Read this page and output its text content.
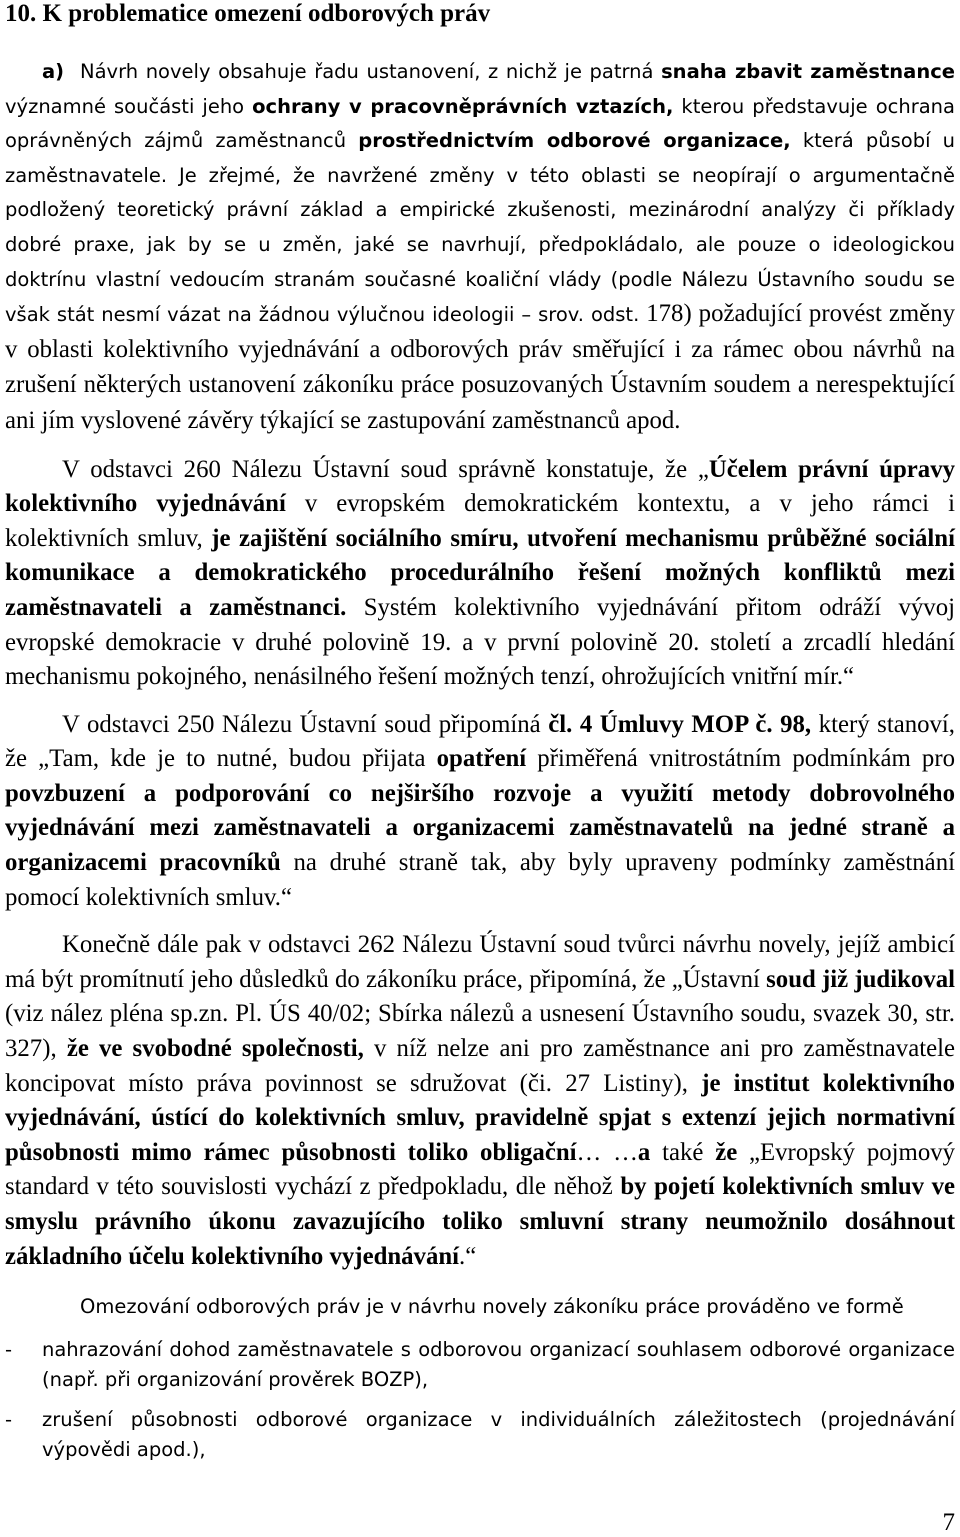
10. K problematice omezení odborových práv

a) Návrh novely obsahuje řadu ustanovení, z nichž je patrná snaha zbavit zaměstnance významné součásti jeho ochrany v pracovněprávních vztazích, kterou představuje ochrana oprávněných zájmů zaměstnanců prostřednictvím odborové organizace, která působí u zaměstnavatele. Je zřejmé, že navržené změny v této oblasti se neopírají o argumentačně podložený teoretický právní základ a empirické zkušenosti, mezinárodní analýzy či příklady dobré praxe, jak by se u změn, jaké se navrhují, předpokládalo, ale pouze o ideologickou doktrínu vlastní vedoucím stranám současné koaliční vlády (podle Nálezu Ústavního soudu se však stát nesmí vázat na žádnou výlučnou ideologii – srov. odst. 178) požadující provést změny v oblasti kolektivního vyjednávání a odborových práv směřující i za rámec obou návrhů na zrušení některých ustanovení zákoníku práce posuzovaných Ústavním soudem a nerespektující ani jím vyslovené závěry týkající se zastupování zaměstnanců apod.

V odstavci 260 Nálezu Ústavní soud správně konstatuje, že „Účelem právní úpravy kolektivního vyjednávání v evropském demokratickém kontextu, a v jeho rámci i kolektivních smluv, je zajištění sociálního smíru, utvoření mechanismu průběžné sociální komunikace a demokratického procedurálního řešení možných konfliktů mezi zaměstnavateli a zaměstnanci. Systém kolektivního vyjednávání přitom odráží vývoj evropské demokracie v druhé polovině 19. a v první polovině 20. století a zrcadlí hledání mechanismu pokojného, nenásilného řešení možných tenzí, ohrožujících vnitřní mír.“

V odstavci 250 Nálezu Ústavní soud připomíná čl. 4 Úmluvy MOP č. 98, který stanoví, že „Tam, kde je to nutné, budou přijata opatření přiměřená vnitrostátním podmínkám pro povzbuzení a podporování co nejširšího rozvoje a využití metody dobrovolného vyjednávání mezi zaměstnavateli a organizacemi zaměstnavatelů na jedné straně a organizacemi pracovníků na druhé straně tak, aby byly upraveny podmínky zaměstnání pomocí kolektivních smluv.“

Konečně dále pak v odstavci 262 Nálezu Ústavní soud tvůrci návrhu novely, jejíž ambicí má být promítnutí jeho důsledků do zákoníku práce, připomíná, že „Ústavní soud již judikoval (viz nález pléna sp.zn. Pl. ÚS 40/02; Sbírka nálezů a usnesení Ústavního soudu, svazek 30, str. 327), že ve svobodné společnosti, v níž nelze ani pro zaměstnance ani pro zaměstnavatele koncipovat místo práva povinnost se sdružovat (či. 27 Listiny), je institut kolektivního vyjednávání, ústící do kolektivních smluv, pravidelně spjat s extenzí jejich normativní působnosti mimo rámec působnosti toliko obligační… …a také že „Evropský pojmový standard v této souvislosti vychází z předpokladu, dle něhož by pojetí kolektivních smluv ve smyslu právního úkonu zavazujícího toliko smluvní strany neumožnilo dosáhnout základního účelu kolektivního vyjednávání.“

Omezování odborových práv je v návrhu novely zákoníku práce prováděno ve formě

- nahrazování dohod zaměstnavatele s odborovou organizací souhlasem odborové organizace (např. při organizování prověrek BOZP),
- zrušení působnosti odborové organizace v individuálních záležitostech (projednávání výpovědi apod.),
7
